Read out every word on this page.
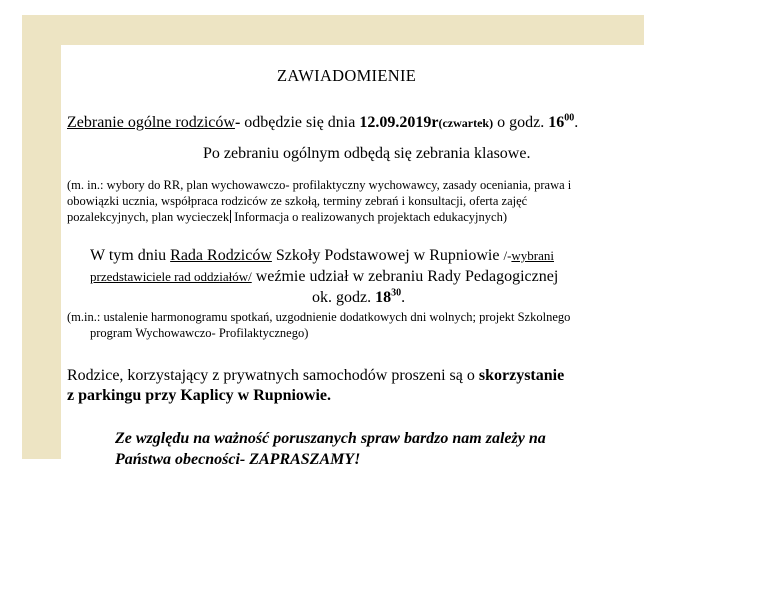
ZAWIADOMIENIE
Zebranie ogólne rodziców- odbędzie się dnia 12.09.2019r(czwartek) o godz. $16^{00}$.
Po zebraniu ogólnym odbędą się zebrania klasowe.
(m. in.: wybory do RR, plan wychowawczo- profilaktyczny wychowawcy, zasady oceniania, prawa i
obowiązki ucznia, współpraca rodziców ze szkołą, terminy zebrań i konsultacji, oferta zajęć
pozalekcyjnych, plan wycieczek Informacja o realizowanych projektach edukacyjnych)
W tym dniu Rada Rodziców Szkoły Podstawowej w Rupniowie /-wybrani
przedstawiciele rad oddziałów/ weźmie udział w zebraniu Rady Pedagogicznej
ok. godz. $18^{30}$.
(m.in.: ustalenie harmonogramu spotkań, uzgodnienie dodatkowych dni wolnych; projekt Szkolnego
program Wychowawczo- Profilaktycznego)
Rodzice, korzystający z prywatnych samochodów proszeni są o skorzystanie
z parkingu przy Kaplicy w Rupniowie.
Ze względu na ważność poruszanych spraw bardzo nam zależy na
Państwa obecności- ZAPRASZAMY!
